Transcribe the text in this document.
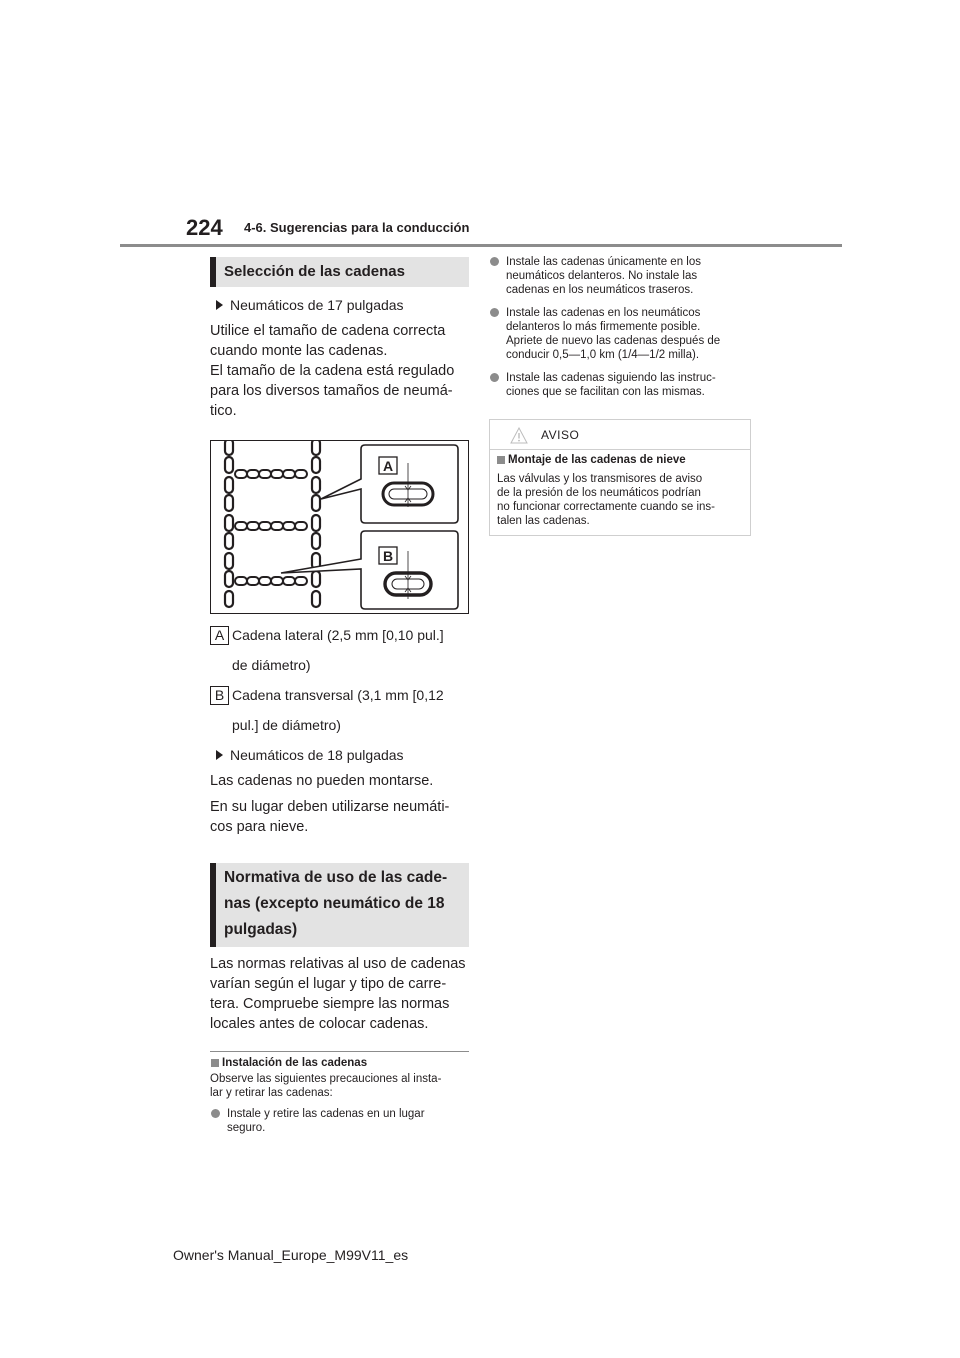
224 4-6. Sugerencias para la conducción
Selección de las cadenas
Neumáticos de 17 pulgadas
Utilice el tamaño de cadena correcta
cuando monte las cadenas.
El tamaño de la cadena está regulado
para los diversos tamaños de neumá-
tico.
A
B
A Cadena lateral (2,5 mm [0,10 pul.]
de diámetro)
B Cadena transversal (3,1 mm [0,12
pul.] de diámetro)
Neumáticos de 18 pulgadas
Las cadenas no pueden montarse.
En su lugar deben utilizarse neumáti-
cos para nieve.
Normativa de uso de las cade-
nas (excepto neumático de 18
pulgadas)
Las normas relativas al uso de cadenas
varían según el lugar y tipo de carre-
tera. Compruebe siempre las normas
locales antes de colocar cadenas.
Instalación de las cadenas
Observe las siguientes precauciones al insta-
lar y retirar las cadenas:
Instale y retire las cadenas en un lugar
seguro.
Instale las cadenas únicamente en los
neumáticos delanteros. No instale las
cadenas en los neumáticos traseros.
Instale las cadenas en los neumáticos
delanteros lo más firmemente posible.
Apriete de nuevo las cadenas después de
conducir 0,5—1,0 km (1/4—1/2 milla).
Instale las cadenas siguiendo las instruc-
ciones que se facilitan con las mismas.
AVISO
Montaje de las cadenas de nieve
Las válvulas y los transmisores de aviso
de la presión de los neumáticos podrían
no funcionar correctamente cuando se ins-
talen las cadenas.
Owner's Manual_Europe_M99V11_es
